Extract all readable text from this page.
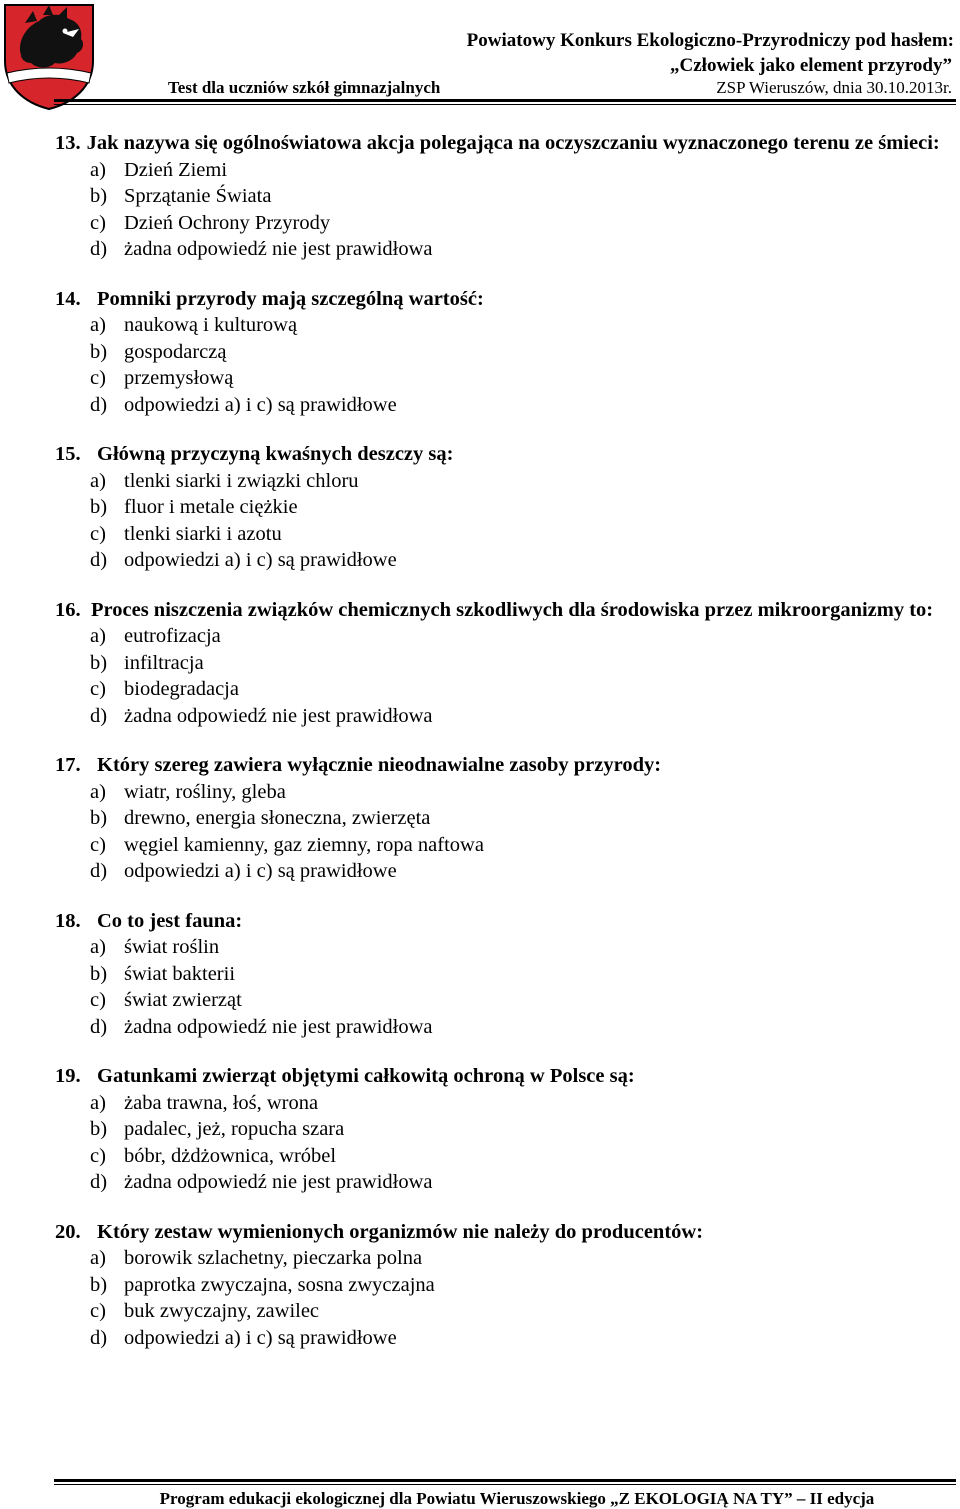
Powiatowy Konkurs Ekologiczno-Przyrodniczy pod hasłem:
„Człowiek jako element przyrody”
Test dla uczniów szkół gimnazjalnych	ZSP Wieruszów, dnia 30.10.2013r.
13. Jak nazywa się ogólnoświatowa akcja polegająca na oczyszczaniu wyznaczonego terenu ze śmieci:
a) Dzień Ziemi
b) Sprzątanie Świata
c) Dzień Ochrony Przyrody
d) żadna odpowiedź nie jest prawidłowa
14. Pomniki przyrody mają szczególną wartość:
a) naukową i kulturową
b) gospodarczą
c) przemysłową
d) odpowiedzi a) i c) są prawidłowe
15. Główną przyczyną kwaśnych deszczy są:
a) tlenki siarki i związki chloru
b) fluor i metale ciężkie
c) tlenki siarki i azotu
d) odpowiedzi a) i c) są prawidłowe
16. Proces niszczenia związków chemicznych szkodliwych dla środowiska przez mikroorganizmy to:
a) eutrofizacja
b) infiltracja
c) biodegradacja
d) żadna odpowiedź nie jest prawidłowa
17. Który szereg zawiera wyłącznie nieodnawialne zasoby przyrody:
a) wiatr, rośliny, gleba
b) drewno, energia słoneczna, zwierzęta
c) węgiel kamienny, gaz ziemny, ropa naftowa
d) odpowiedzi a) i c) są prawidłowe
18. Co to jest fauna:
a) świat roślin
b) świat bakterii
c) świat zwierząt
d) żadna odpowiedź nie jest prawidłowa
19. Gatunkami zwierząt objętymi całkowitą ochroną w Polsce są:
a) żaba trawna, łoś, wrona
b) padalec, jeż, ropucha szara
c) bóbr, dżdżownica, wróbel
d) żadna odpowiedź nie jest prawidłowa
20. Który zestaw wymienionych organizmów nie należy do producentów:
a) borowik szlachetny, pieczarka polna
b) paprotka zwyczajna, sosna zwyczajna
c) buk zwyczajny, zawilec
d) odpowiedzi a) i c) są prawidłowe
Program edukacji ekologicznej dla Powiatu Wieruszowskiego „Z EKOLOGIĄ NA TY” – II edycja
